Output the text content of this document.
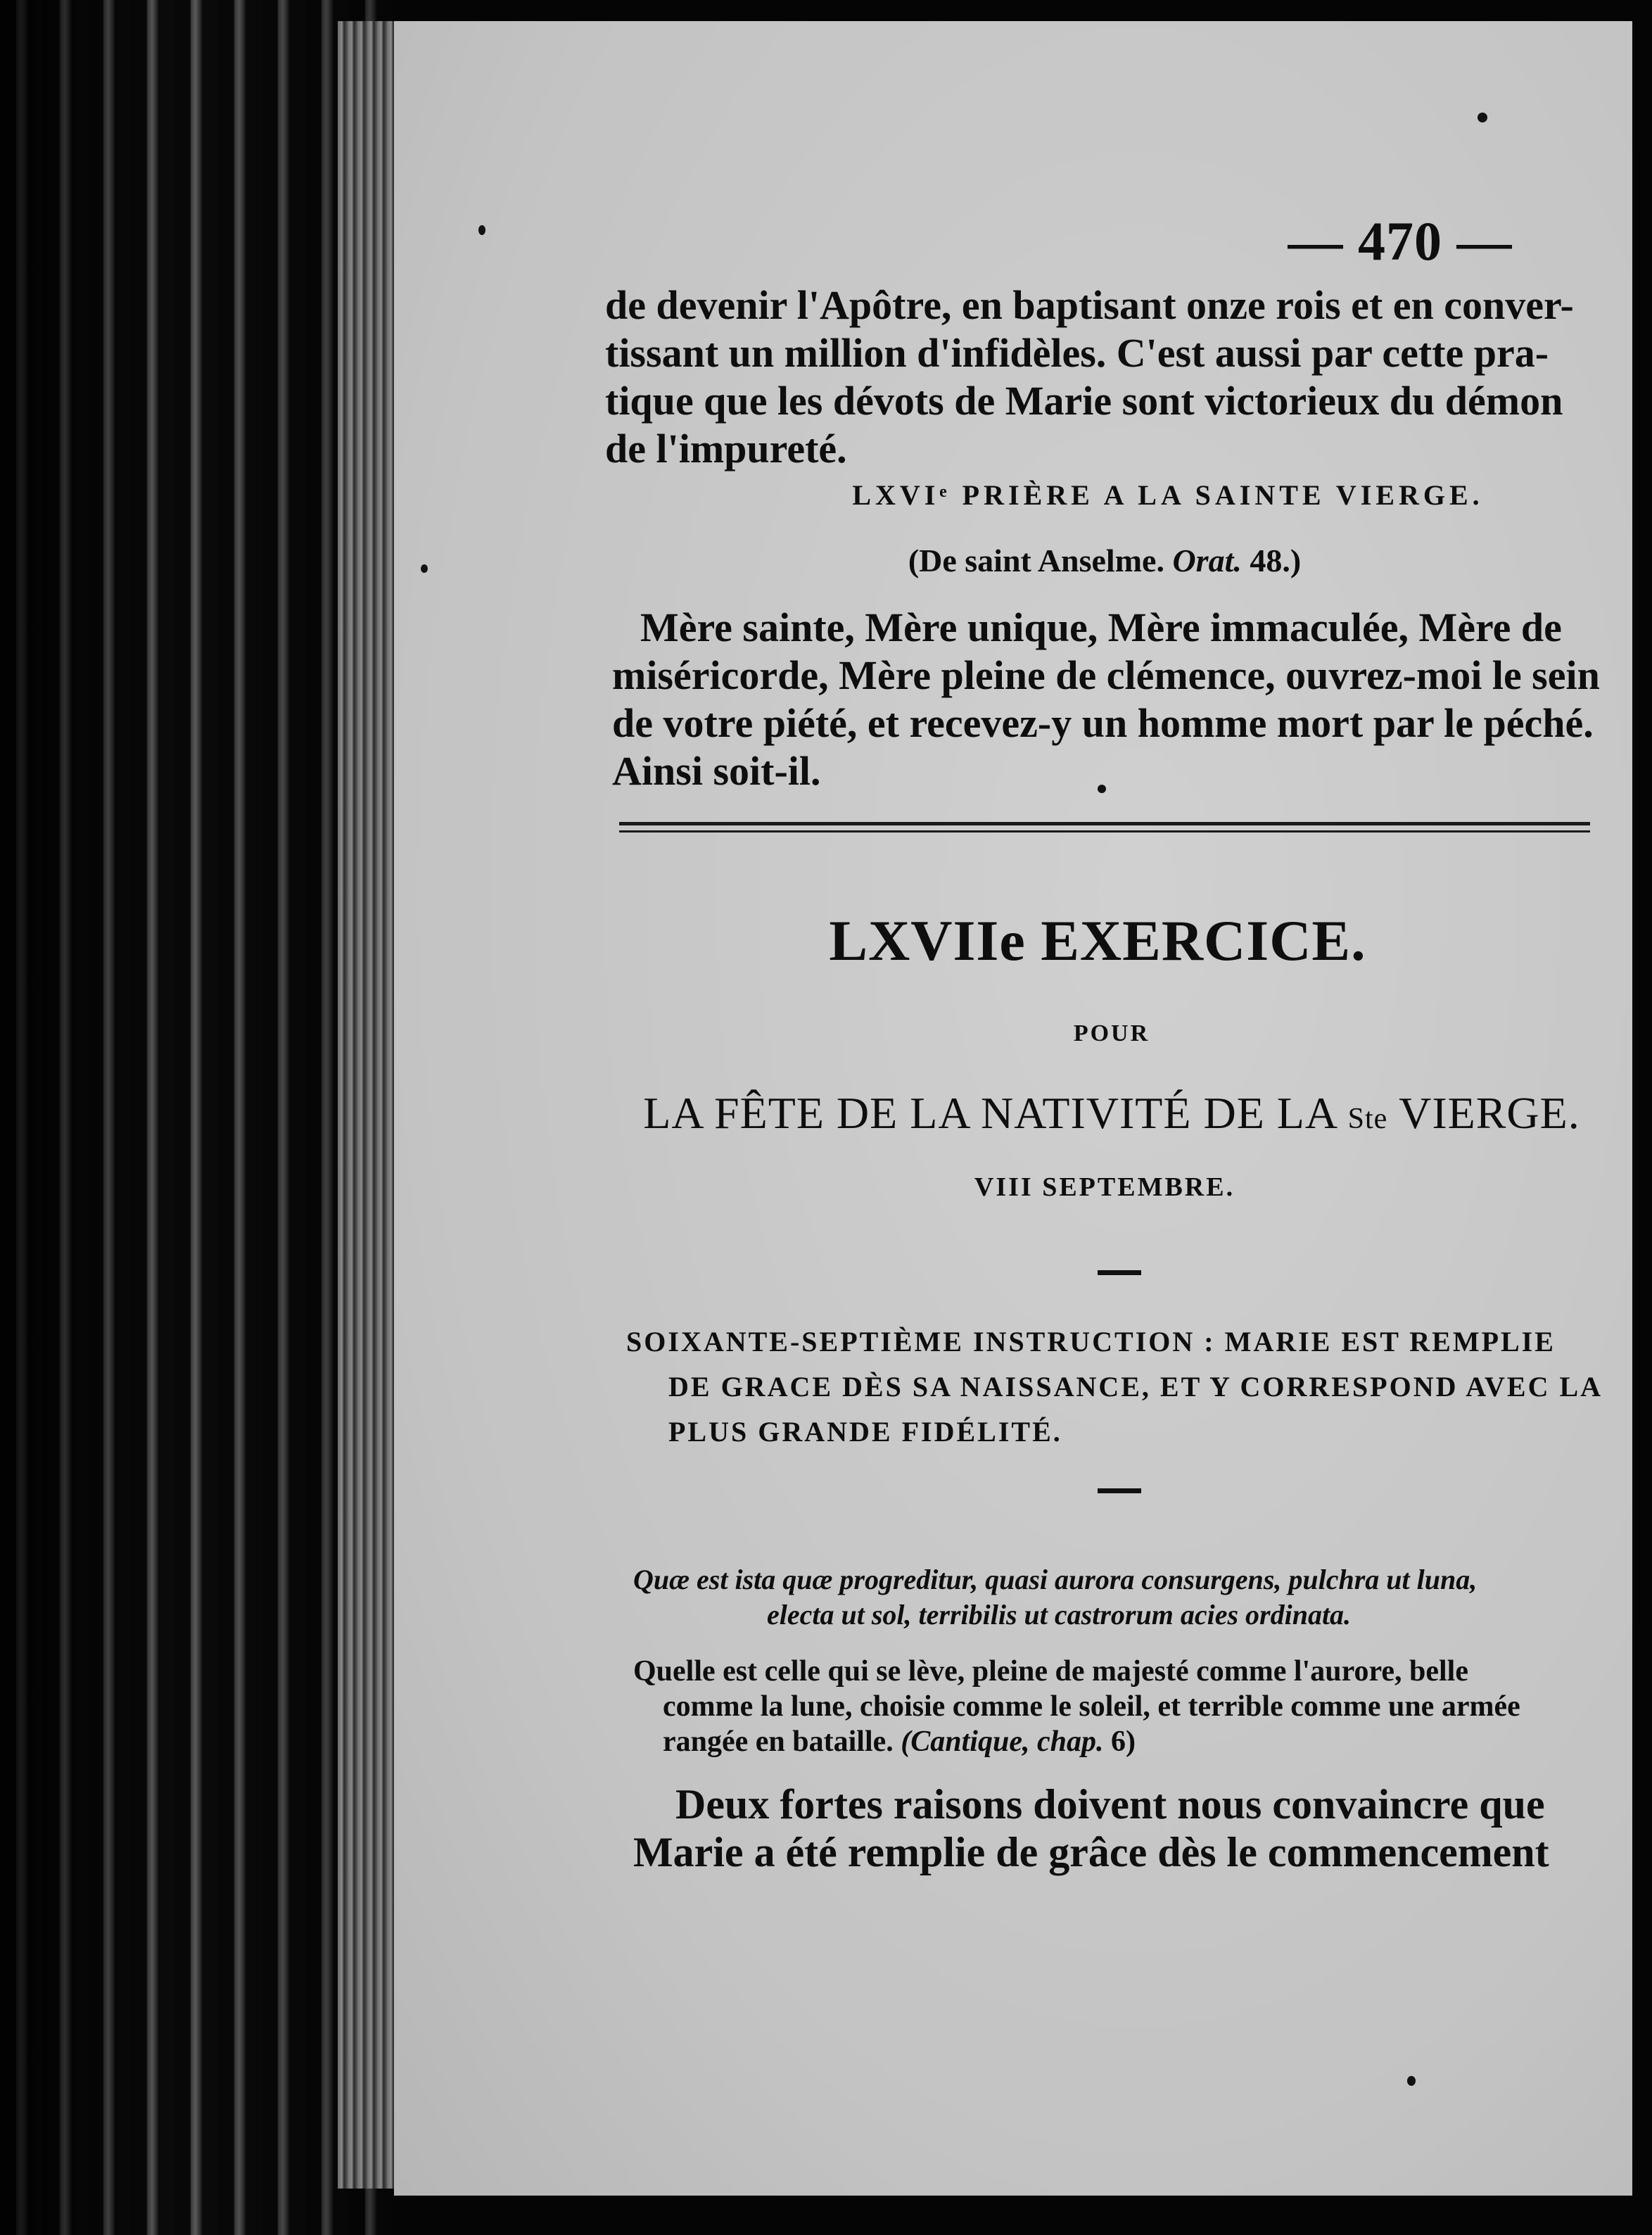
— 470 —
de devenir l'Apôtre, en baptisant onze rois et en conver-
tissant un million d'infidèles. C'est aussi par cette pra-
tique que les dévots de Marie sont victorieux du démon
de l'impureté.
LXVIᵉ PRIÈRE A LA SAINTE VIERGE.
(De saint Anselme. Orat. 48.)
Mère sainte, Mère unique, Mère immaculée, Mère de
miséricorde, Mère pleine de clémence, ouvrez-moi le sein
de votre piété, et recevez-y un homme mort par le péché.
Ainsi soit-il.
LXVIIe EXERCICE.
POUR
LA FÊTE DE LA NATIVITÉ DE LA Ste VIERGE.
VIII SEPTEMBRE.
SOIXANTE-SEPTIÈME INSTRUCTION : MARIE EST REMPLIE
DE GRACE DÈS SA NAISSANCE, ET Y CORRESPOND AVEC LA
PLUS GRANDE FIDÉLITÉ.
Quæ est ista quæ progreditur, quasi aurora consurgens, pulchra ut luna,
electa ut sol, terribilis ut castrorum acies ordinata.
Quelle est celle qui se lève, pleine de majesté comme l'aurore, belle
comme la lune, choisie comme le soleil, et terrible comme une armée
rangée en bataille. (Cantique, chap. 6)
Deux fortes raisons doivent nous convaincre que
Marie a été remplie de grâce dès le commencement
